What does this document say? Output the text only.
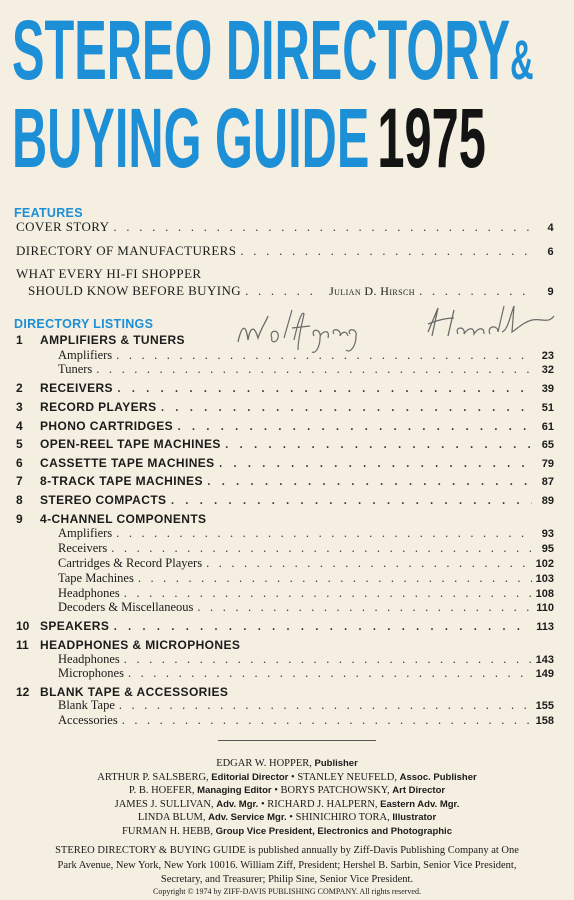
STEREO DIRECTORY&
BUYING GUIDE1975
FEATURES
COVER STORY . . .	4
DIRECTORY OF MANUFACTURERS . . .	6
WHAT EVERY HI-FI SHOPPER
SHOULD KNOW BEFORE BUYING . . .	Julian D. Hirsch . . .	9
DIRECTORY LISTINGS
1 AMPLIFIERS & TUNERS
Amplifiers . . .	23
Tuners . . .	32
2	RECEIVERS . . .	39
3	RECORD PLAYERS . . .	51
4	PHONO CARTRIDGES . . .	61
5	OPEN-REEL TAPE MACHINES . . .	65
6	CASSETTE TAPE MACHINES . . .	79
7	8-TRACK TAPE MACHINES . . .	87
8	STEREO COMPACTS . . .	89
9 4-CHANNEL COMPONENTS
Amplifiers . . .	93
Receivers . . .	95
Cartridges & Record Players . . .	102
Tape Machines . . .	103
Headphones . . .	108
Decoders & Miscellaneous . . .	110
10 SPEAKERS . . .	113
11 HEADPHONES & MICROPHONES
Headphones . . .	143
Microphones . . .	149
12 BLANK TAPE & ACCESSORIES
Blank Tape . . .	155
Accessories . . .	158
EDGAR W. HOPPER, Publisher
ARTHUR P. SALSBERG, Editorial Director • STANLEY NEUFELD, Assoc. Publisher
P. B. HOEFER, Managing Editor • BORYS PATCHOWSKY, Art Director
JAMES J. SULLIVAN, Adv. Mgr. • RICHARD J. HALPERN, Eastern Adv. Mgr.
LINDA BLUM, Adv. Service Mgr. • SHINICHIRO TORA, Illustrator
FURMAN H. HEBB, Group Vice President, Electronics and Photographic
STEREO DIRECTORY & BUYING GUIDE is published annually by Ziff-Davis Publishing Company at One
Park Avenue, New York, New York 10016. William Ziff, President; Hershel B. Sarbin, Senior Vice President,
Secretary, and Treasurer; Philip Sine, Senior Vice President.
Copyright © 1974 by ZIFF-DAVIS PUBLISHING COMPANY. All rights reserved.
